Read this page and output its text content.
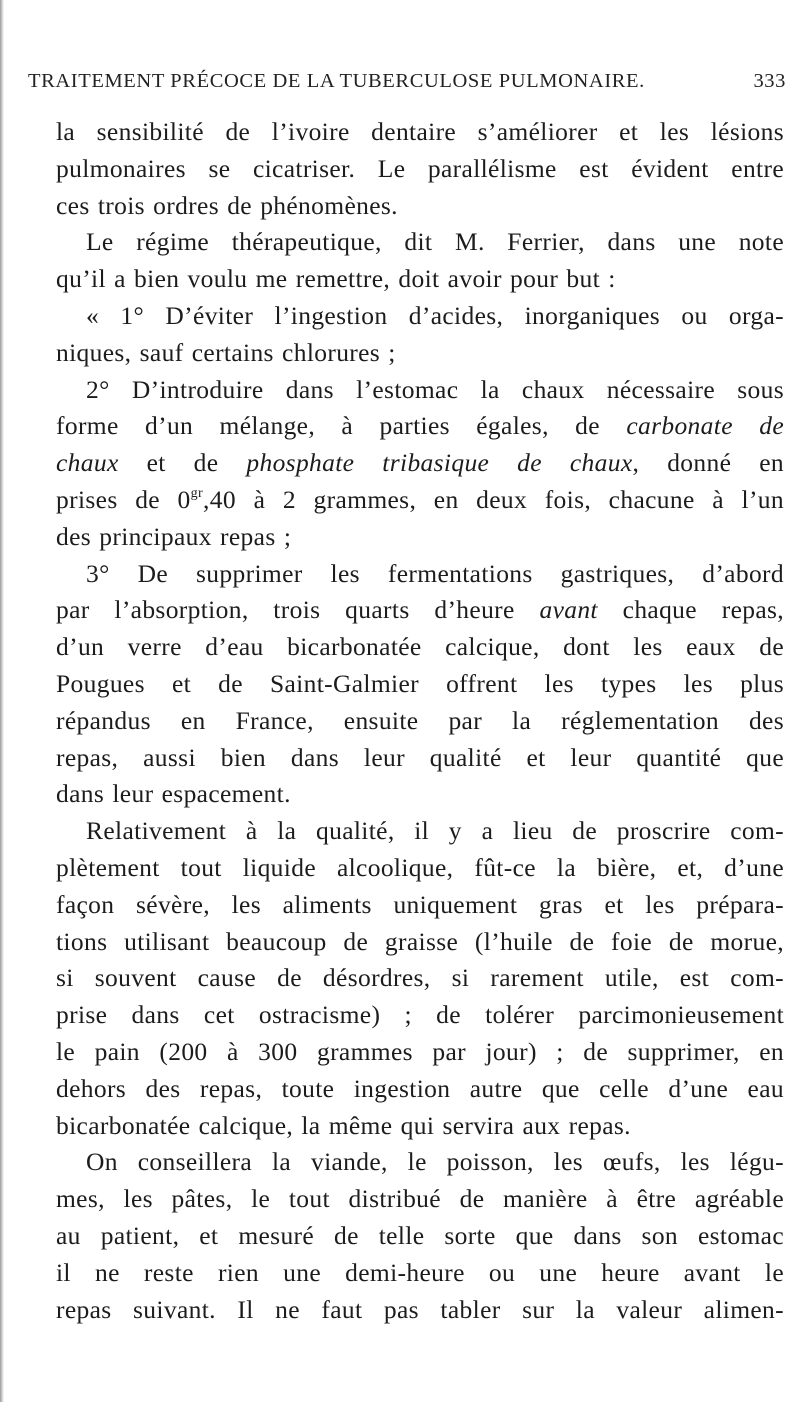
TRAITEMENT PRÉCOCE DE LA TUBERCULOSE PULMONAIRE.	333
la sensibilité de l’ivoire dentaire s’améliorer et les lésions
pulmonaires se cicatriser. Le parallélisme est évident entre
ces trois ordres de phénomènes.
Le régime thérapeutique, dit M. Ferrier, dans une note
qu’il a bien voulu me remettre, doit avoir pour but :
« 1° D’éviter l’ingestion d’acides, inorganiques ou orga-
niques, sauf certains chlorures ;
2° D’introduire dans l’estomac la chaux nécessaire sous
forme d’un mélange, à parties égales, de carbonate de
chaux et de phosphate tribasique de chaux, donné en
prises de $0^{gr},40$ à 2 grammes, en deux fois, chacune à l’un
des principaux repas ;
3° De supprimer les fermentations gastriques, d’abord
par l’absorption, trois quarts d’heure avant chaque repas,
d’un verre d’eau bicarbonatée calcique, dont les eaux de
Pougues et de Saint-Galmier offrent les types les plus
répandus en France, ensuite par la réglementation des
repas, aussi bien dans leur qualité et leur quantité que
dans leur espacement.
Relativement à la qualité, il y a lieu de proscrire com-
plètement tout liquide alcoolique, fût-ce la bière, et, d’une
façon sévère, les aliments uniquement gras et les prépara-
tions utilisant beaucoup de graisse (l’huile de foie de morue,
si souvent cause de désordres, si rarement utile, est com-
prise dans cet ostracisme) ; de tolérer parcimonieusement
le pain (200 à 300 grammes par jour) ; de supprimer, en
dehors des repas, toute ingestion autre que celle d’une eau
bicarbonatée calcique, la même qui servira aux repas.
On conseillera la viande, le poisson, les œufs, les légu-
mes, les pâtes, le tout distribué de manière à être agréable
au patient, et mesuré de telle sorte que dans son estomac
il ne reste rien une demi-heure ou une heure avant le
repas suivant. Il ne faut pas tabler sur la valeur alimen-
